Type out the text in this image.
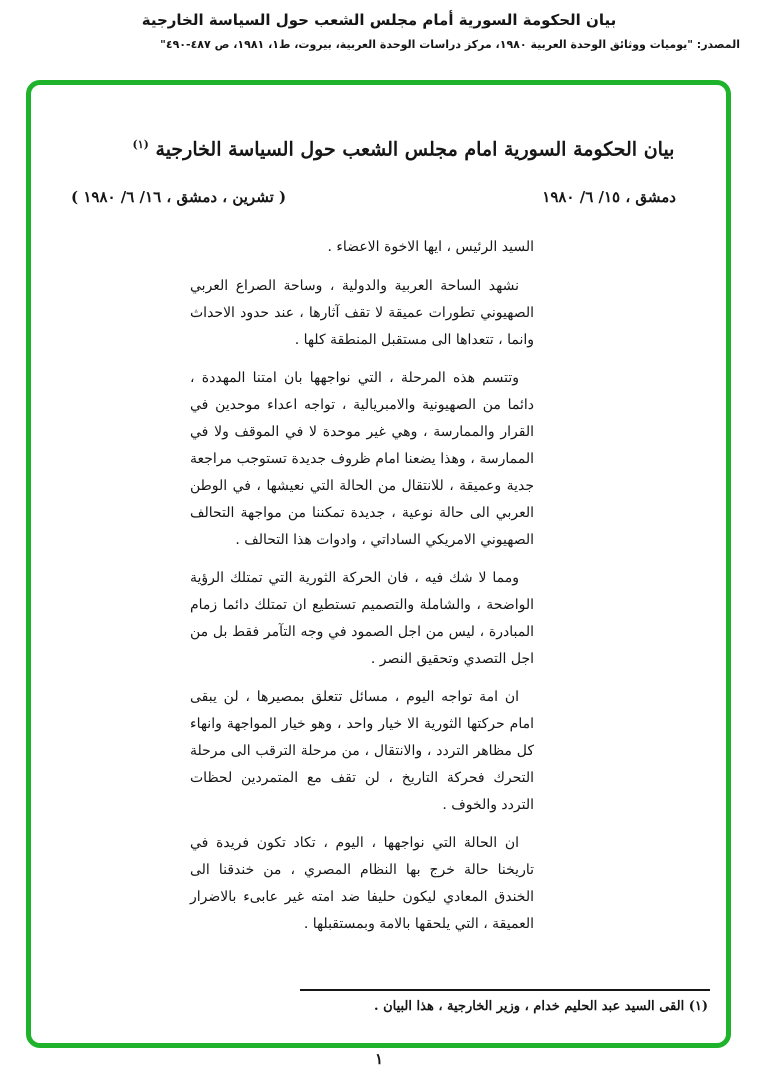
بيان الحكومة السورية أمام مجلس الشعب حول السياسة الخارجية
المصدر: "يوميات ووثائق الوحدة العربية ١٩٨٠، مركز دراسات الوحدة العربية، بيروت، ط١، ١٩٨١، ص ٤٨٧-٤٩٠"
بيان الحكومة السورية امام مجلس الشعب حول السياسة الخارجية $^{(١)}$
دمشق ، ١٥/ ٦/ ١٩٨٠
( تشرين ، دمشق ، ١٦/ ٦/ ١٩٨٠ )

السيد الرئيس ، ايها الاخوة الاعضاء .

نشهد الساحة العربية والدولية ، وساحة الصراع العربي الصهيوني تطورات عميقة لا تقف آثارها ، عند حدود الاحداث وانما ، تتعداها الى مستقبل المنطقة كلها .

وتتسم هذه المرحلة ، التي نواجهها بان امتنا المهددة ، دائما من الصهيونية والامبريالية ، تواجه اعداء موحدين في القرار والممارسة ، وهي غير موحدة لا في الموقف ولا في الممارسة ، وهذا يضعنا امام ظروف جديدة تستوجب مراجعة جدية وعميقة ، للانتقال من الحالة التي نعيشها ، في الوطن العربي الى حالة نوعية ، جديدة تمكننا من مواجهة التحالف الصهيوني الامريكي الساداتي ، وادوات هذا التحالف .

ومما لا شك فيه ، فان الحركة الثورية التي تمتلك الرؤية الواضحة ، والشاملة والتصميم تستطيع ان تمتلك دائما زمام المبادرة ، ليس من اجل الصمود في وجه التآمر فقط بل من اجل التصدي وتحقيق النصر .

ان امة تواجه اليوم ، مسائل تتعلق بمصيرها ، لن يبقى امام حركتها الثورية الا خيار واحد ، وهو خيار المواجهة وانهاء كل مظاهر التردد ، والانتقال ، من مرحلة الترقب الى مرحلة التحرك فحركة التاريخ ، لن تقف مع المتمردين لحظات التردد والخوف .

ان الحالة التي نواجهها ، اليوم ، تكاد تكون فريدة في تاريخنا حالة خرج بها النظام المصري ، من خندقنا الى الخندق المعادي ليكون حليفا ضد امته غير عابىء بالاضرار العميقة ، التي يلحقها بالامة وبمستقبلها .

(١) القى السيد عبد الحليم خدام ، وزير الخارجية ، هذا البيان .

١
